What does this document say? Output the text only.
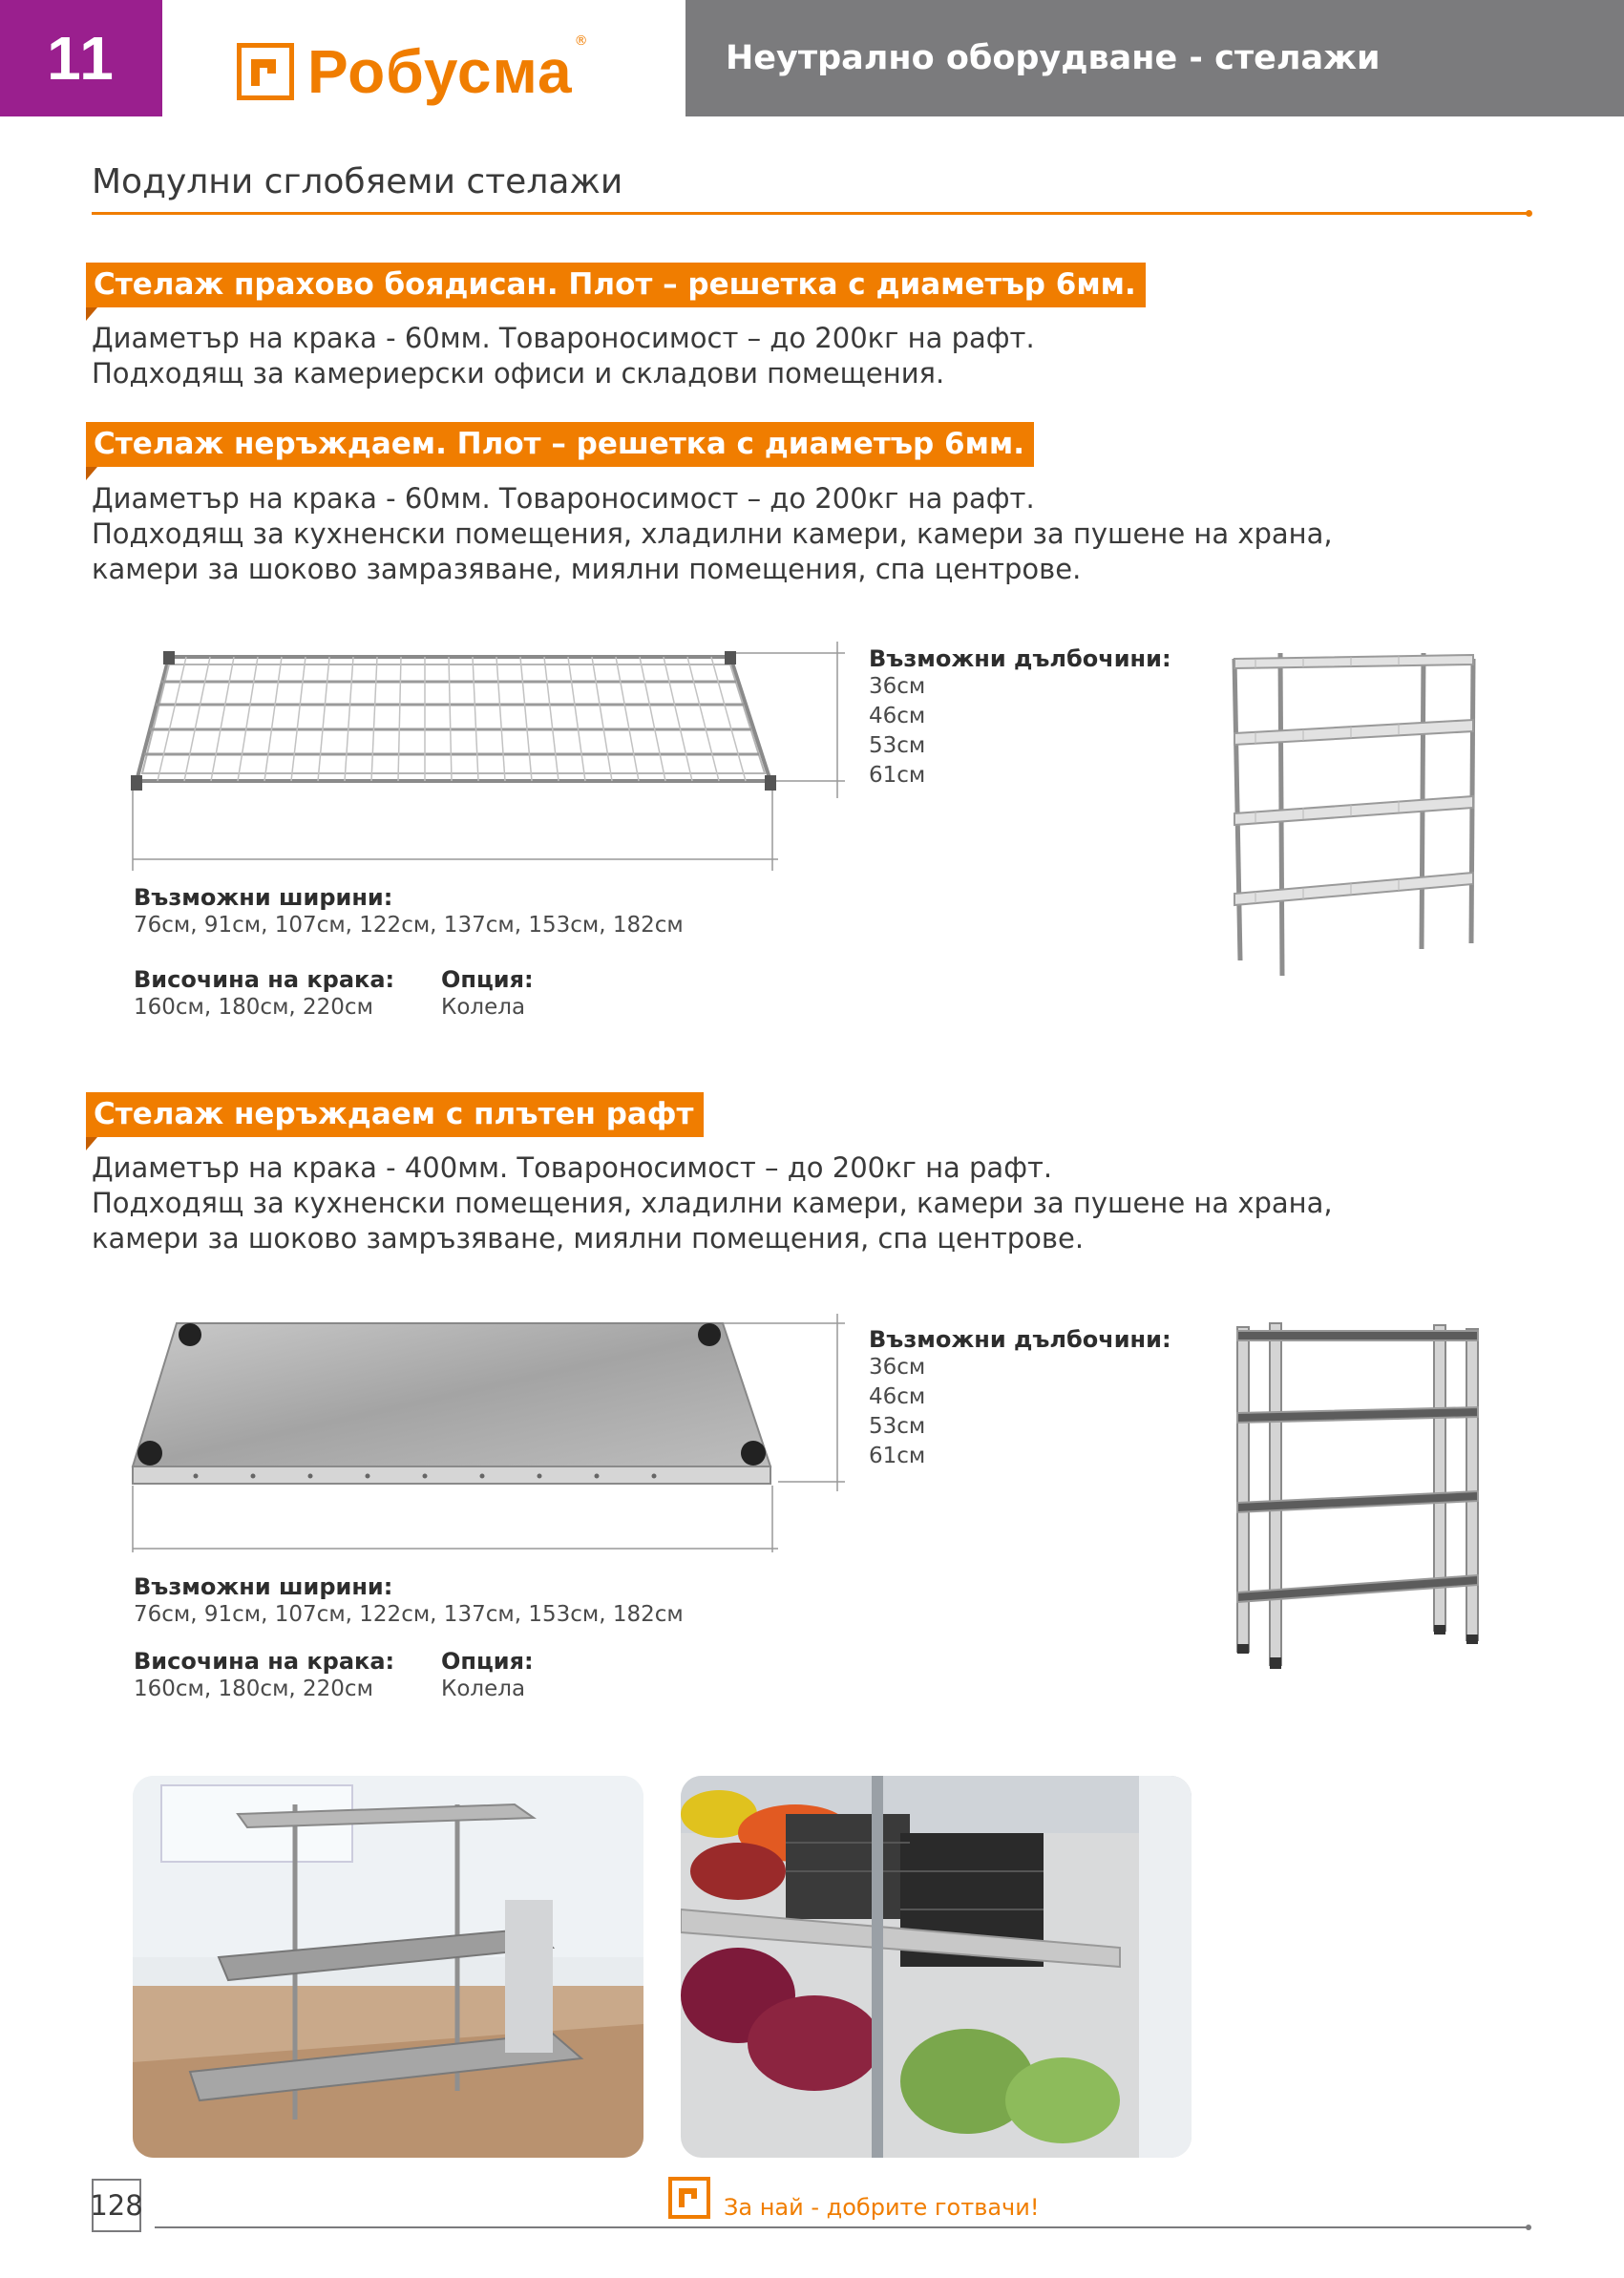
11	Робусма ®	Неутрално оборудване - стелажи
Модулни сглобяеми стелажи
Стелаж прахово боядисан. Плот – решетка с диаметър 6мм.
Диаметър на крака - 60мм. Товароносимост – до 200кг на рафт.
Подходящ за камериерски офиси и складови помещения.
Стелаж неръждаем. Плот – решетка с диаметър 6мм.
Диаметър на крака - 60мм. Товароносимост – до 200кг на рафт.
Подходящ за кухненски помещения, хладилни камери, камери за пушене на храна,
камери за шоково замразяване, миялни помещения, спа центрове.
Възможни дълбочини:
36см
46см
53см
61см
Възможни ширини:
76см, 91см, 107см, 122см, 137см, 153см, 182см
Височина на крака:
160см, 180см, 220см
Опция:
Колела
Стелаж неръждаем с плътен рафт
Диаметър на крака - 400мм. Товароносимост – до 200кг на рафт.
Подходящ за кухненски помещения, хладилни камери, камери за пушене на храна,
камери за шоково замръзяване, миялни помещения, спа центрове.
Възможни дълбочини:
36см
46см
53см
61см
Възможни ширини:
76см, 91см, 107см, 122см, 137см, 153см, 182см
Височина на крака:
160см, 180см, 220см
Опция:
Колела
128	За най - добрите готвачи!
